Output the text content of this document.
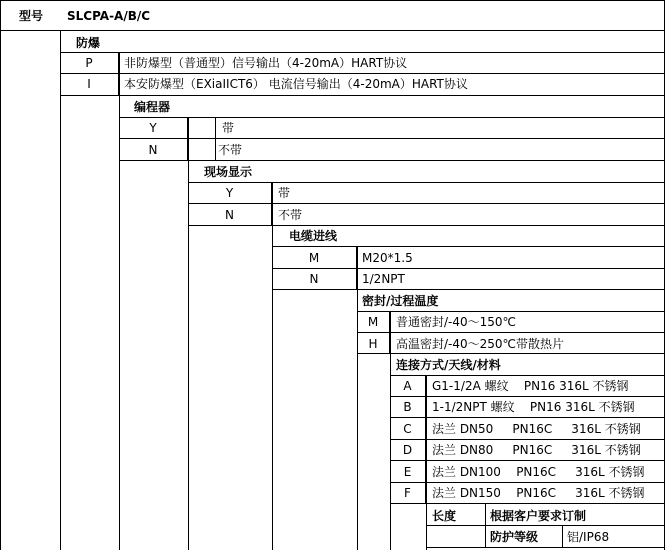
型号 SLCPA-A/B/C
防爆
P	非防爆型（普通型）信号输出（4-20mA）HART协议
I	本安防爆型（EXiaIICT6） 电流信号输出（4-20mA）HART协议
编程器
Y	带
N	不带
现场显示
Y	带
N	不带
电缆进线
M	M20*1.5
N	1/2NPT
密封/过程温度
M	普通密封/-40～150℃
H	高温密封/-40～250℃带散热片
连接方式/天线/材料
A	G1-1/2A 螺纹    PN16 316L 不锈钢
B	1-1/2NPT 螺纹    PN16 316L 不锈钢
C	法兰 DN50     PN16C     316L 不锈钢
D	法兰 DN80     PN16C     316L 不锈钢
E	法兰 DN100    PN16C     316L 不锈钢
F	法兰 DN150    PN16C     316L 不锈钢
长度	根据客户要求订制
防护等级 铝/IP68
